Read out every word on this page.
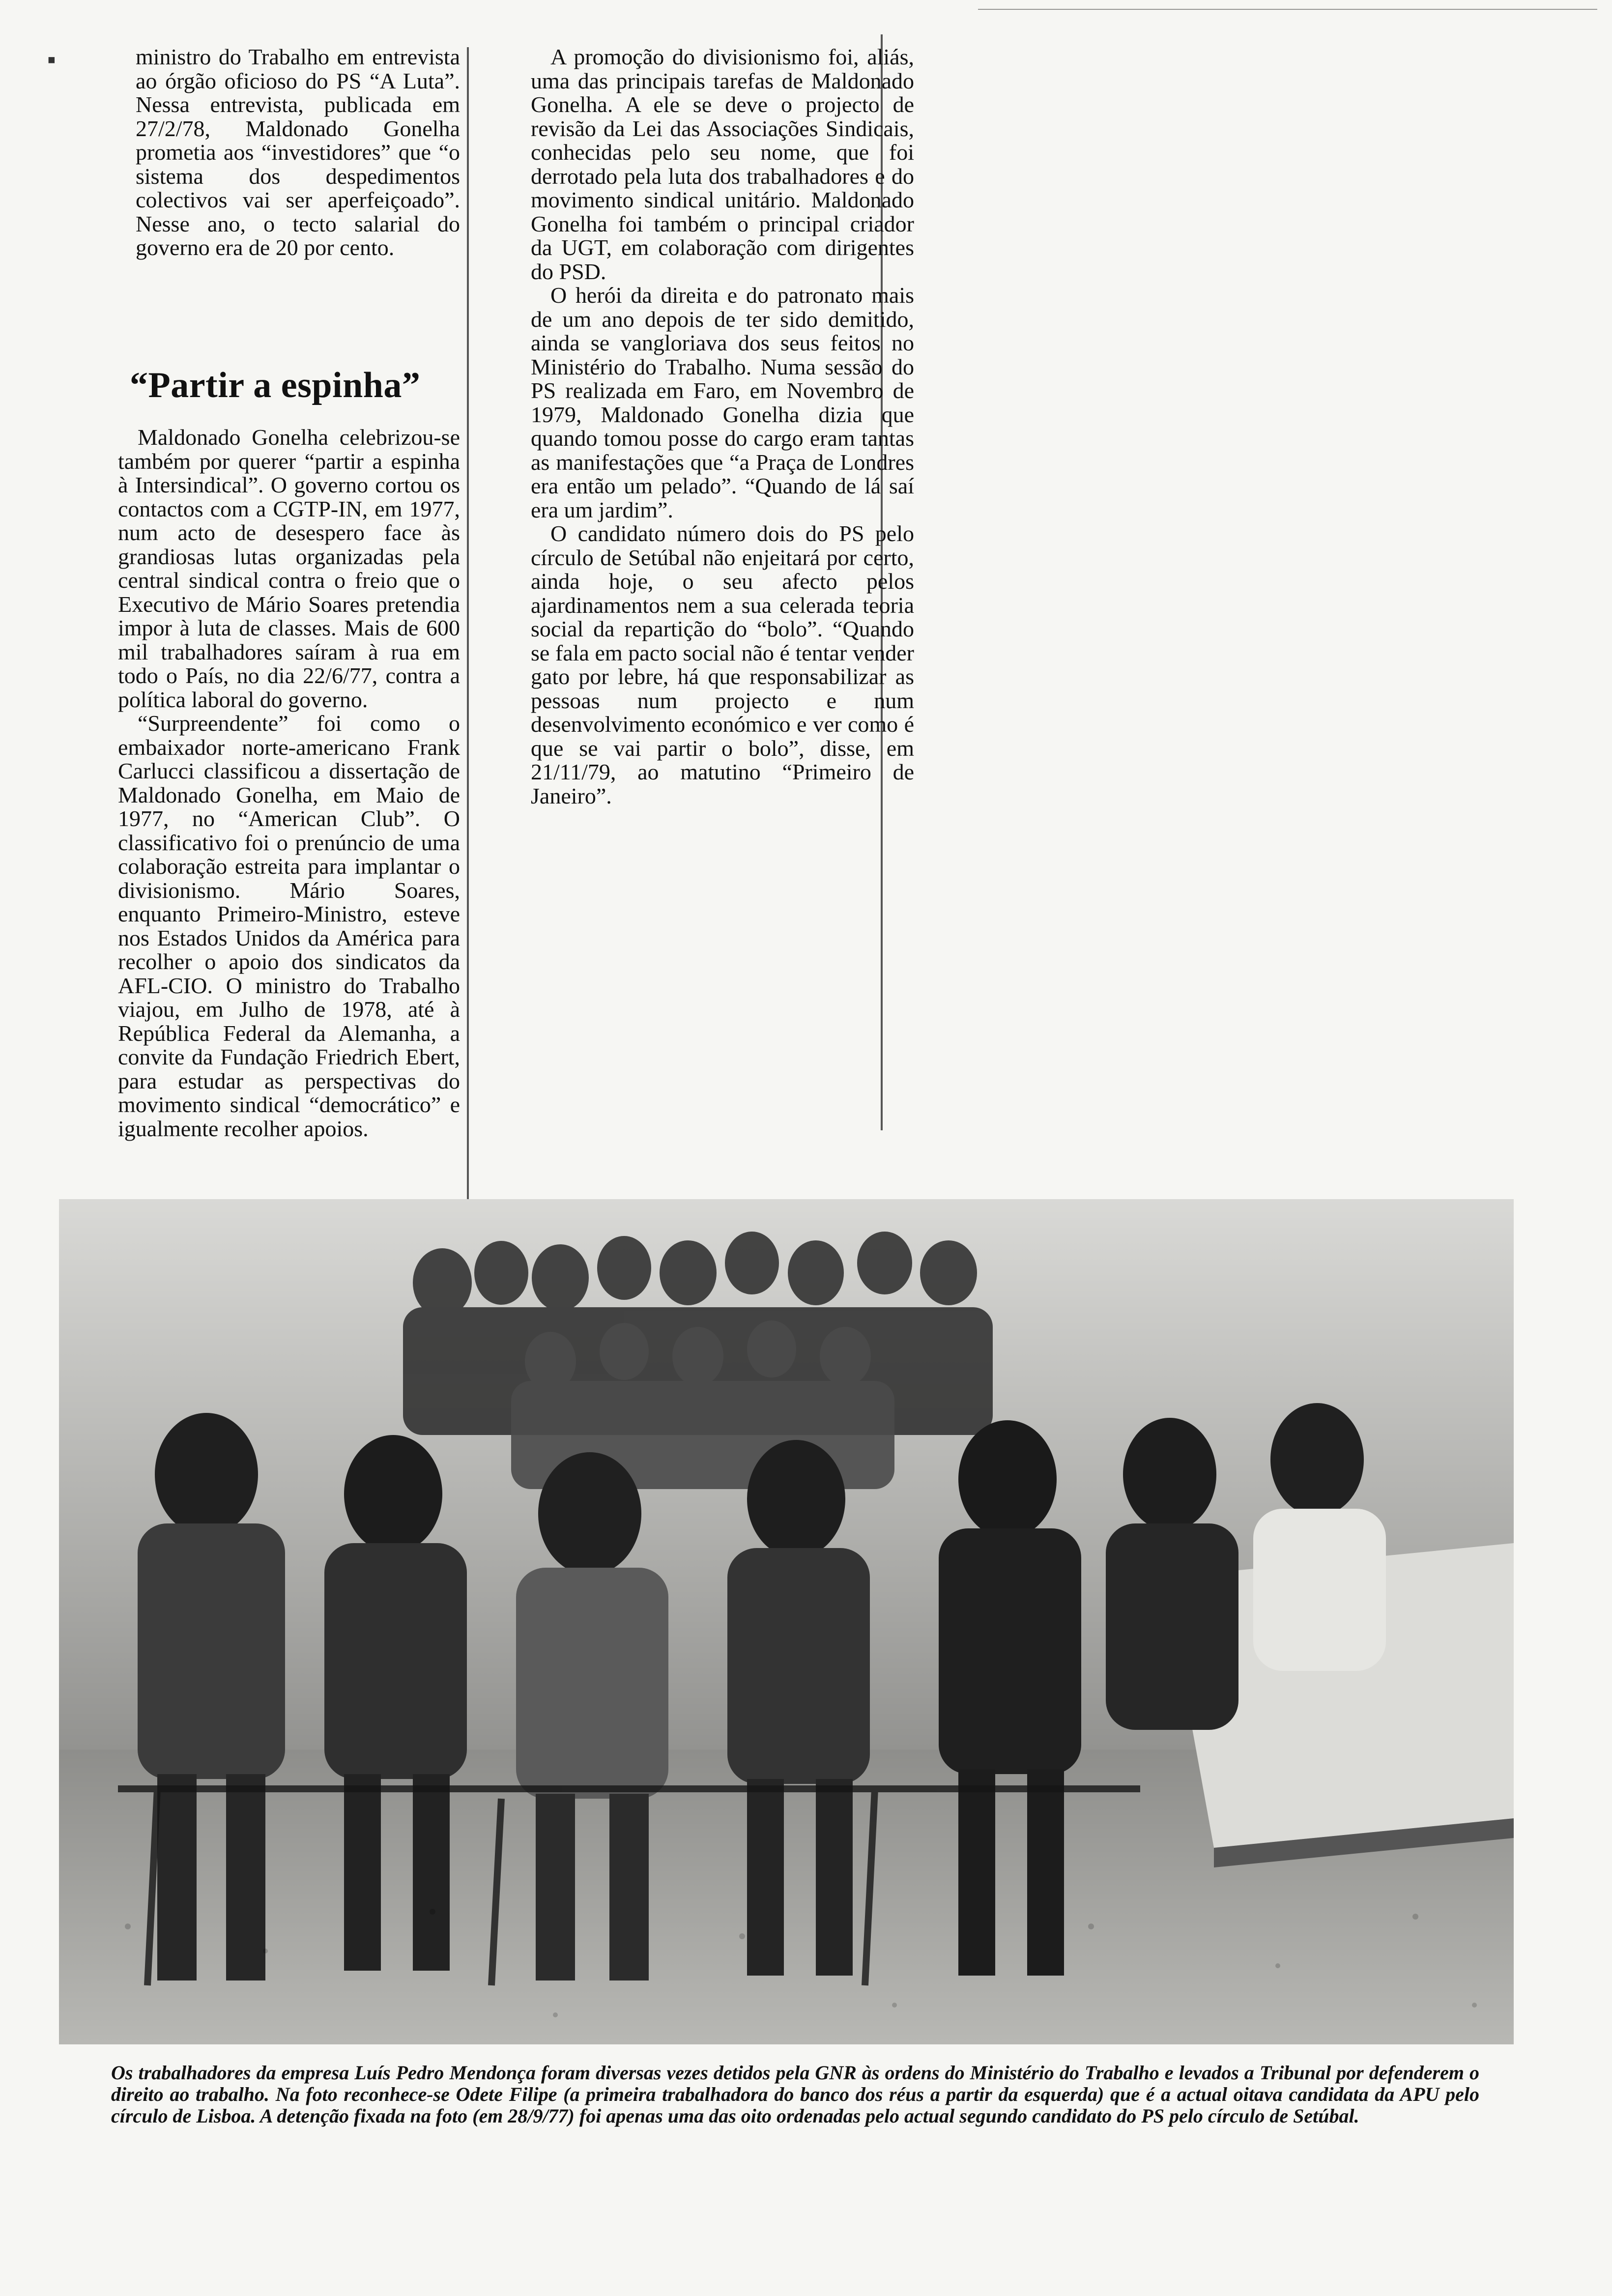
▪	ministro do Trabalho em entrevista ao órgão oficioso do PS “A Luta”. Nessa entrevista, publicada em 27/2/78, Maldonado Gonelha prometia aos “investidores” que “o sistema dos despedimentos colectivos vai ser aperfeiçoado”. Nesse ano, o tecto salarial do governo era de 20 por cento.

“Partir a espinha”

Maldonado Gonelha celebrizou-se também por querer “partir a espinha à Intersindical”. O governo cortou os contactos com a CGTP-IN, em 1977, num acto de desespero face às grandiosas lutas organizadas pela central sindical contra o freio que o Executivo de Mário Soares pretendia impor à luta de classes. Mais de 600 mil trabalhadores saíram à rua em todo o País, no dia 22/6/77, contra a política laboral do governo.

“Surpreendente” foi como o embaixador norte-americano Frank Carlucci classificou a dissertação de Maldonado Gonelha, em Maio de 1977, no “American Club”. O classificativo foi o prenúncio de uma colaboração estreita para implantar o divisionismo. Mário Soares, enquanto Primeiro-Ministro, esteve nos Estados Unidos da América para recolher o apoio dos sindicatos da AFL-CIO. O ministro do Trabalho viajou, em Julho de 1978, até à República Federal da Alemanha, a convite da Fundação Friedrich Ebert, para estudar as perspectivas do movimento sindical “democrático” e igualmente recolher apoios.

A promoção do divisionismo foi, aliás, uma das principais tarefas de Maldonado Gonelha. A ele se deve o projecto de revisão da Lei das Associações Sindicais, conhecidas pelo seu nome, que foi derrotado pela luta dos trabalhadores e do movimento sindical unitário. Maldonado Gonelha foi também o principal criador da UGT, em colaboração com dirigentes do PSD.

O herói da direita e do patronato mais de um ano depois de ter sido demitido, ainda se vangloriava dos seus feitos no Ministério do Trabalho. Numa sessão do PS realizada em Faro, em Novembro de 1979, Maldonado Gonelha dizia que quando tomou posse do cargo eram tantas as manifestações que “a Praça de Londres era então um pelado”. “Quando de lá saí era um jardim”.

O candidato número dois do PS pelo círculo de Setúbal não enjeitará por certo, ainda hoje, o seu afecto pelos ajardinamentos nem a sua celerada teoria social da repartição do “bolo”. “Quando se fala em pacto social não é tentar vender gato por lebre, há que responsabilizar as pessoas num projecto e num desenvolvimento económico e ver como é que se vai partir o bolo”, disse, em 21/11/79, ao matutino “Primeiro de Janeiro”.

Os trabalhadores da empresa Luís Pedro Mendonça foram diversas vezes detidos pela GNR às ordens do Ministério do Trabalho e levados a Tribunal por defenderem o direito ao trabalho. Na foto reconhece-se Odete Filipe (a primeira trabalhadora do banco dos réus a partir da esquerda) que é a actual oitava candidata da APU pelo círculo de Lisboa. A detenção fixada na foto (em 28/9/77) foi apenas uma das oito ordenadas pelo actual segundo candidato do PS pelo círculo de Setúbal.
